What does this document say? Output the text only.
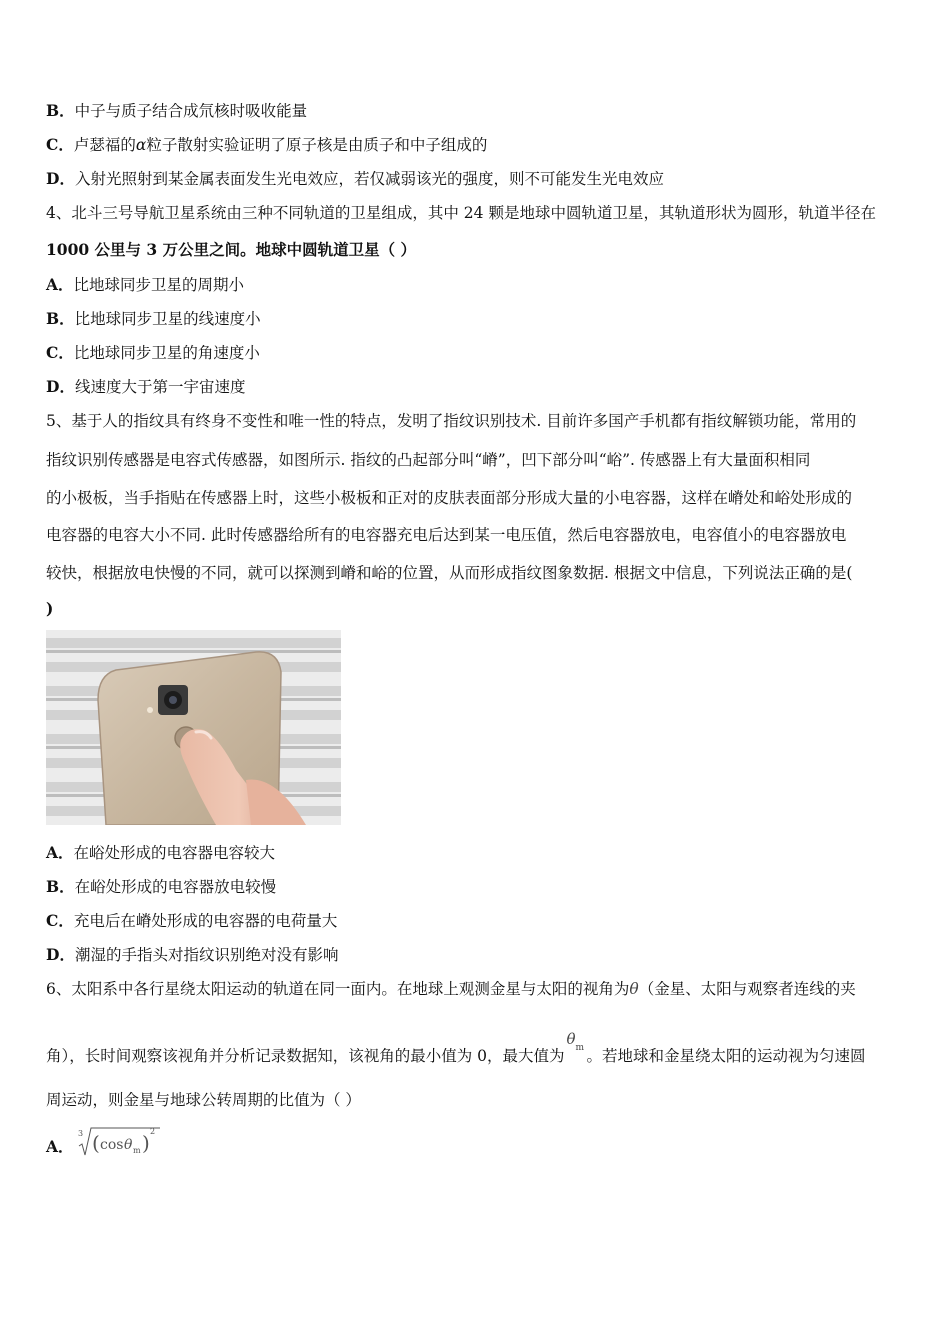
B．中子与质子结合成氘核时吸收能量
C．卢瑟福的α粒子散射实验证明了原子核是由质子和中子组成的
D．入射光照射到某金属表面发生光电效应，若仅减弱该光的强度，则不可能发生光电效应
4、北斗三号导航卫星系统由三种不同轨道的卫星组成，其中 24 颗是地球中圆轨道卫星，其轨道形状为圆形，轨道半径在
1000 公里与 3 万公里之间。地球中圆轨道卫星（ ）
A．比地球同步卫星的周期小
B．比地球同步卫星的线速度小
C．比地球同步卫星的角速度小
D．线速度大于第一宇宙速度
5、基于人的指纹具有终身不变性和唯一性的特点，发明了指纹识别技术. 目前许多国产手机都有指纹解锁功能，常用的
指纹识别传感器是电容式传感器，如图所示. 指纹的凸起部分叫“嵴”，凹下部分叫“峪”. 传感器上有大量面积相同
的小极板，当手指贴在传感器上时，这些小极板和正对的皮肤表面部分形成大量的小电容器，这样在嵴处和峪处形成的
电容器的电容大小不同. 此时传感器给所有的电容器充电后达到某一电压值，然后电容器放电，电容值小的电容器放电
较快，根据放电快慢的不同，就可以探测到嵴和峪的位置，从而形成指纹图象数据. 根据文中信息，下列说法正确的是(
)
A．在峪处形成的电容器电容较大
B．在峪处形成的电容器放电较慢
C．充电后在嵴处形成的电容器的电荷量大
D．潮湿的手指头对指纹识别绝对没有影响
6、太阳系中各行星绕太阳运动的轨道在同一面内。在地球上观测金星与太阳的视角为θ（金星、太阳与观察者连线的夹
角），长时间观察该视角并分析记录数据知，该视角的最小值为 0，最大值为
θ m 。若地球和金星绕太阳的运动视为匀速圆
周运动，则金星与地球公转周期的比值为（ ）
A．
3 ( cos θ m ) 2
